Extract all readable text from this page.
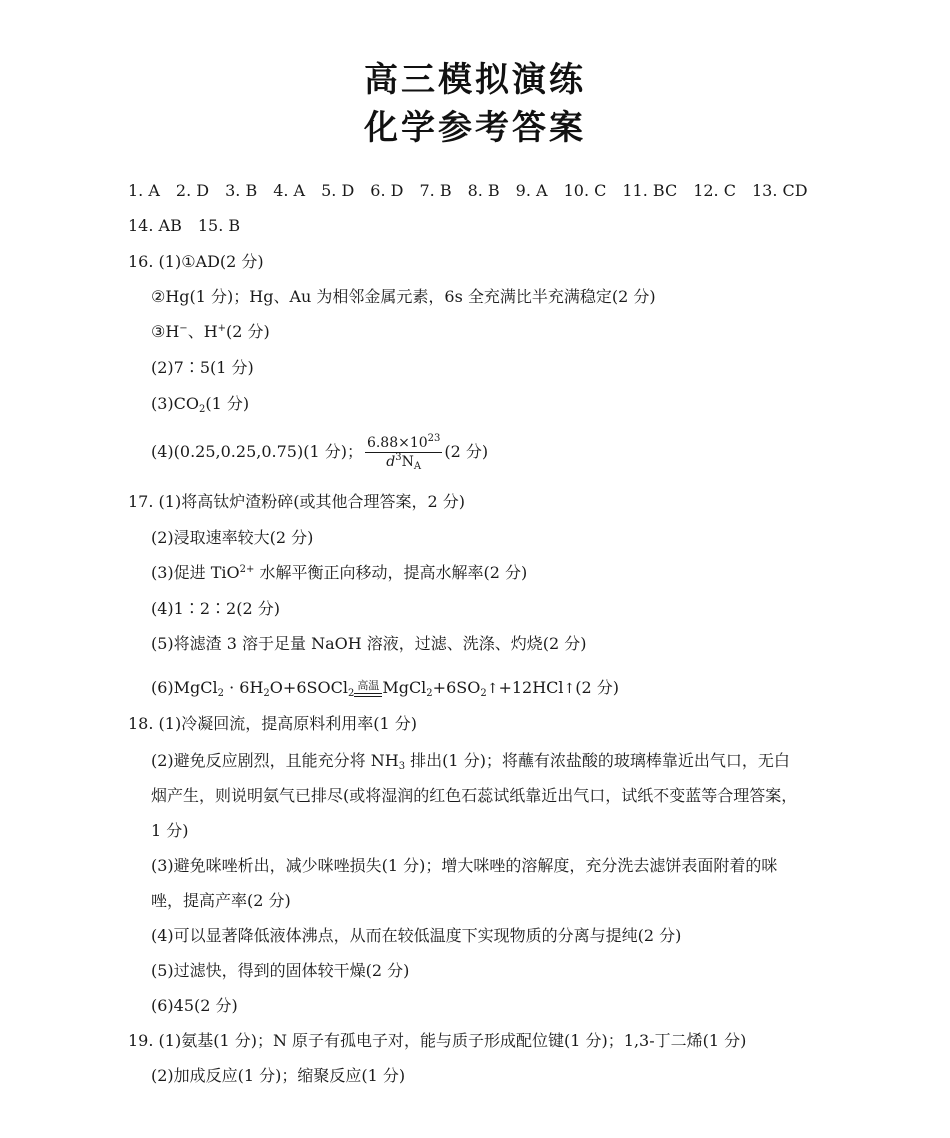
高三模拟演练
化学参考答案
1. A　2. D　3. B　4. A　5. D　6. D　7. B　8. B　9. A　10. C　11. BC　12. C　13. CD
14. AB　15. B
16. (1)①AD(2 分)
②Hg(1 分)；Hg、Au 为相邻金属元素，6s 全充满比半充满稳定(2 分)
③H−、H+(2 分)
(2)7∶5(1 分)
$(3)CO_2(1$ 分)
(4)(0.25,0.25,0.75)(1 分)； $\frac{6.88\times 10^{23}}{d^3N_A} (2$ 分)
17. (1)将高钛炉渣粉碎(或其他合理答案，2 分)
(2)浸取速率较大(2 分)
(3)促进 TiO$^{2+}$ 水解平衡正向移动，提高水解率(2 分)
(4)1∶2∶2(2 分)
(5)将滤渣 3 溶于足量 NaOH 溶液，过滤、洗涤、灼烧(2 分)
(6)MgCl$_2$ · $6H_2O+6SOCl_2$
高温 $MgCl_2+6SO_2↑+12HCl↑(2$ 分)
18. (1)冷凝回流，提高原料利用率(1 分)
(2)避免反应剧烈，且能充分将 $NH_3$ 排出(1 分)；将蘸有浓盐酸的玻璃棒靠近出气口，无白
烟产生，则说明氨气已排尽(或将湿润的红色石蕊试纸靠近出气口，试纸不变蓝等合理答案，
1 分)
(3)避免咪唑析出，减少咪唑损失(1 分)；增大咪唑的溶解度，充分洗去滤饼表面附着的咪
唑，提高产率(2 分)
(4)可以显著降低液体沸点，从而在较低温度下实现物质的分离与提纯(2 分)
(5)过滤快，得到的固体较干燥(2 分)
(6)45(2 分)
19. (1)氨基(1 分)；N 原子有孤电子对，能与质子形成配位键(1 分)；1,3-丁二烯(1 分)
(2)加成反应(1 分)；缩聚反应(1 分)
